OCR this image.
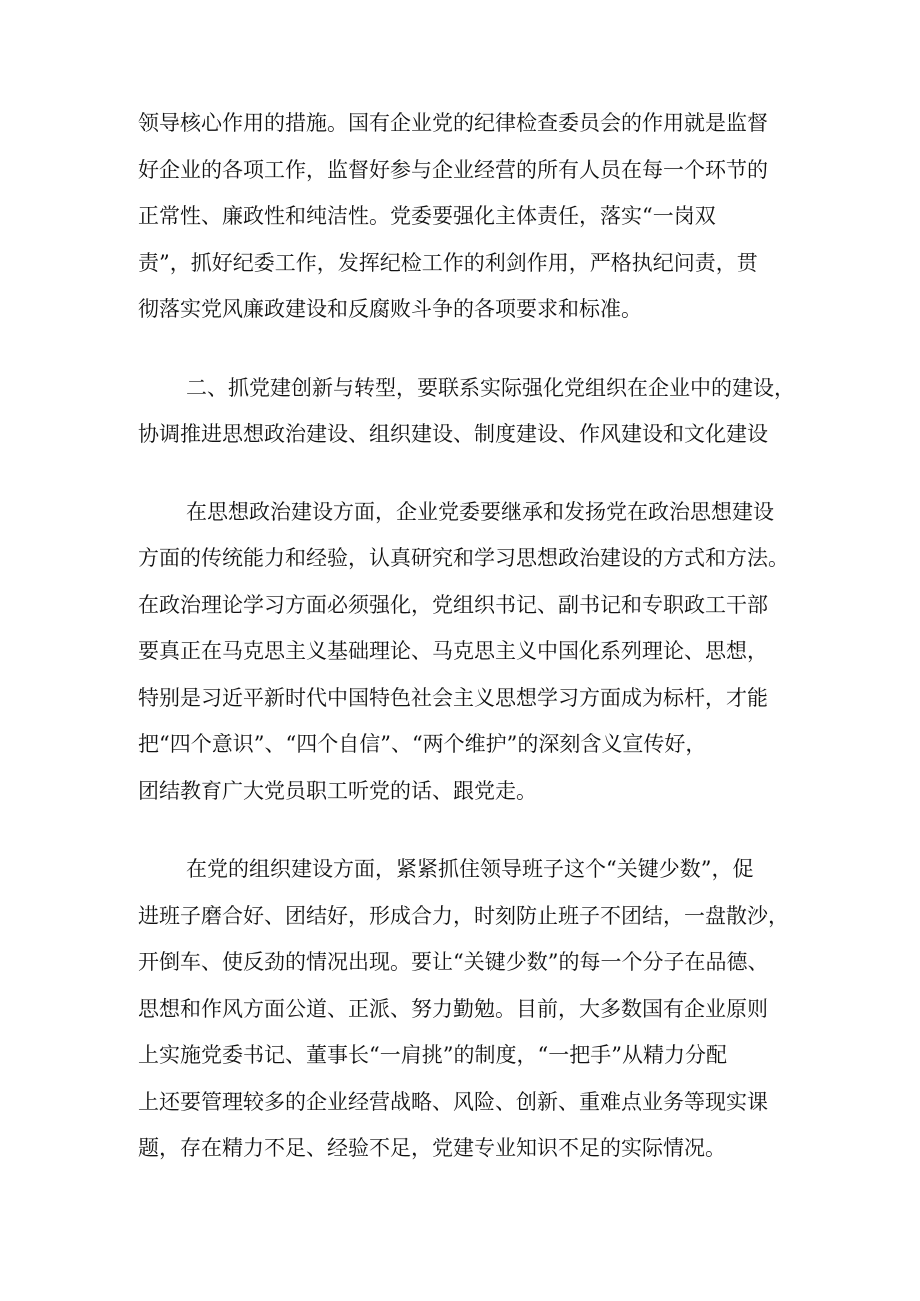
领导核心作用的措施。国有企业党的纪律检查委员会的作用就是监督
好企业的各项工作，监督好参与企业经营的所有人员在每一个环节的
正常性、廉政性和纯洁性。党委要强化主体责任，落实“一岗双
责”，抓好纪委工作，发挥纪检工作的利剑作用，严格执纪问责，贯
彻落实党风廉政建设和反腐败斗争的各项要求和标准。
二、抓党建创新与转型，要联系实际强化党组织在企业中的建设，
协调推进思想政治建设、组织建设、制度建设、作风建设和文化建设
在思想政治建设方面，企业党委要继承和发扬党在政治思想建设
方面的传统能力和经验，认真研究和学习思想政治建设的方式和方法。
在政治理论学习方面必须强化，党组织书记、副书记和专职政工干部
要真正在马克思主义基础理论、马克思主义中国化系列理论、思想，
特别是习近平新时代中国特色社会主义思想学习方面成为标杆，才能
把“四个意识”、“四个自信”、“两个维护”的深刻含义宣传好，
团结教育广大党员职工听党的话、跟党走。
在党的组织建设方面，紧紧抓住领导班子这个“关键少数”，促
进班子磨合好、团结好，形成合力，时刻防止班子不团结，一盘散沙，
开倒车、使反劲的情况出现。要让“关键少数”的每一个分子在品德、
思想和作风方面公道、正派、努力勤勉。目前，大多数国有企业原则
上实施党委书记、董事长“一肩挑”的制度，“一把手”从精力分配
上还要管理较多的企业经营战略、风险、创新、重难点业务等现实课
题，存在精力不足、经验不足，党建专业知识不足的实际情况。
